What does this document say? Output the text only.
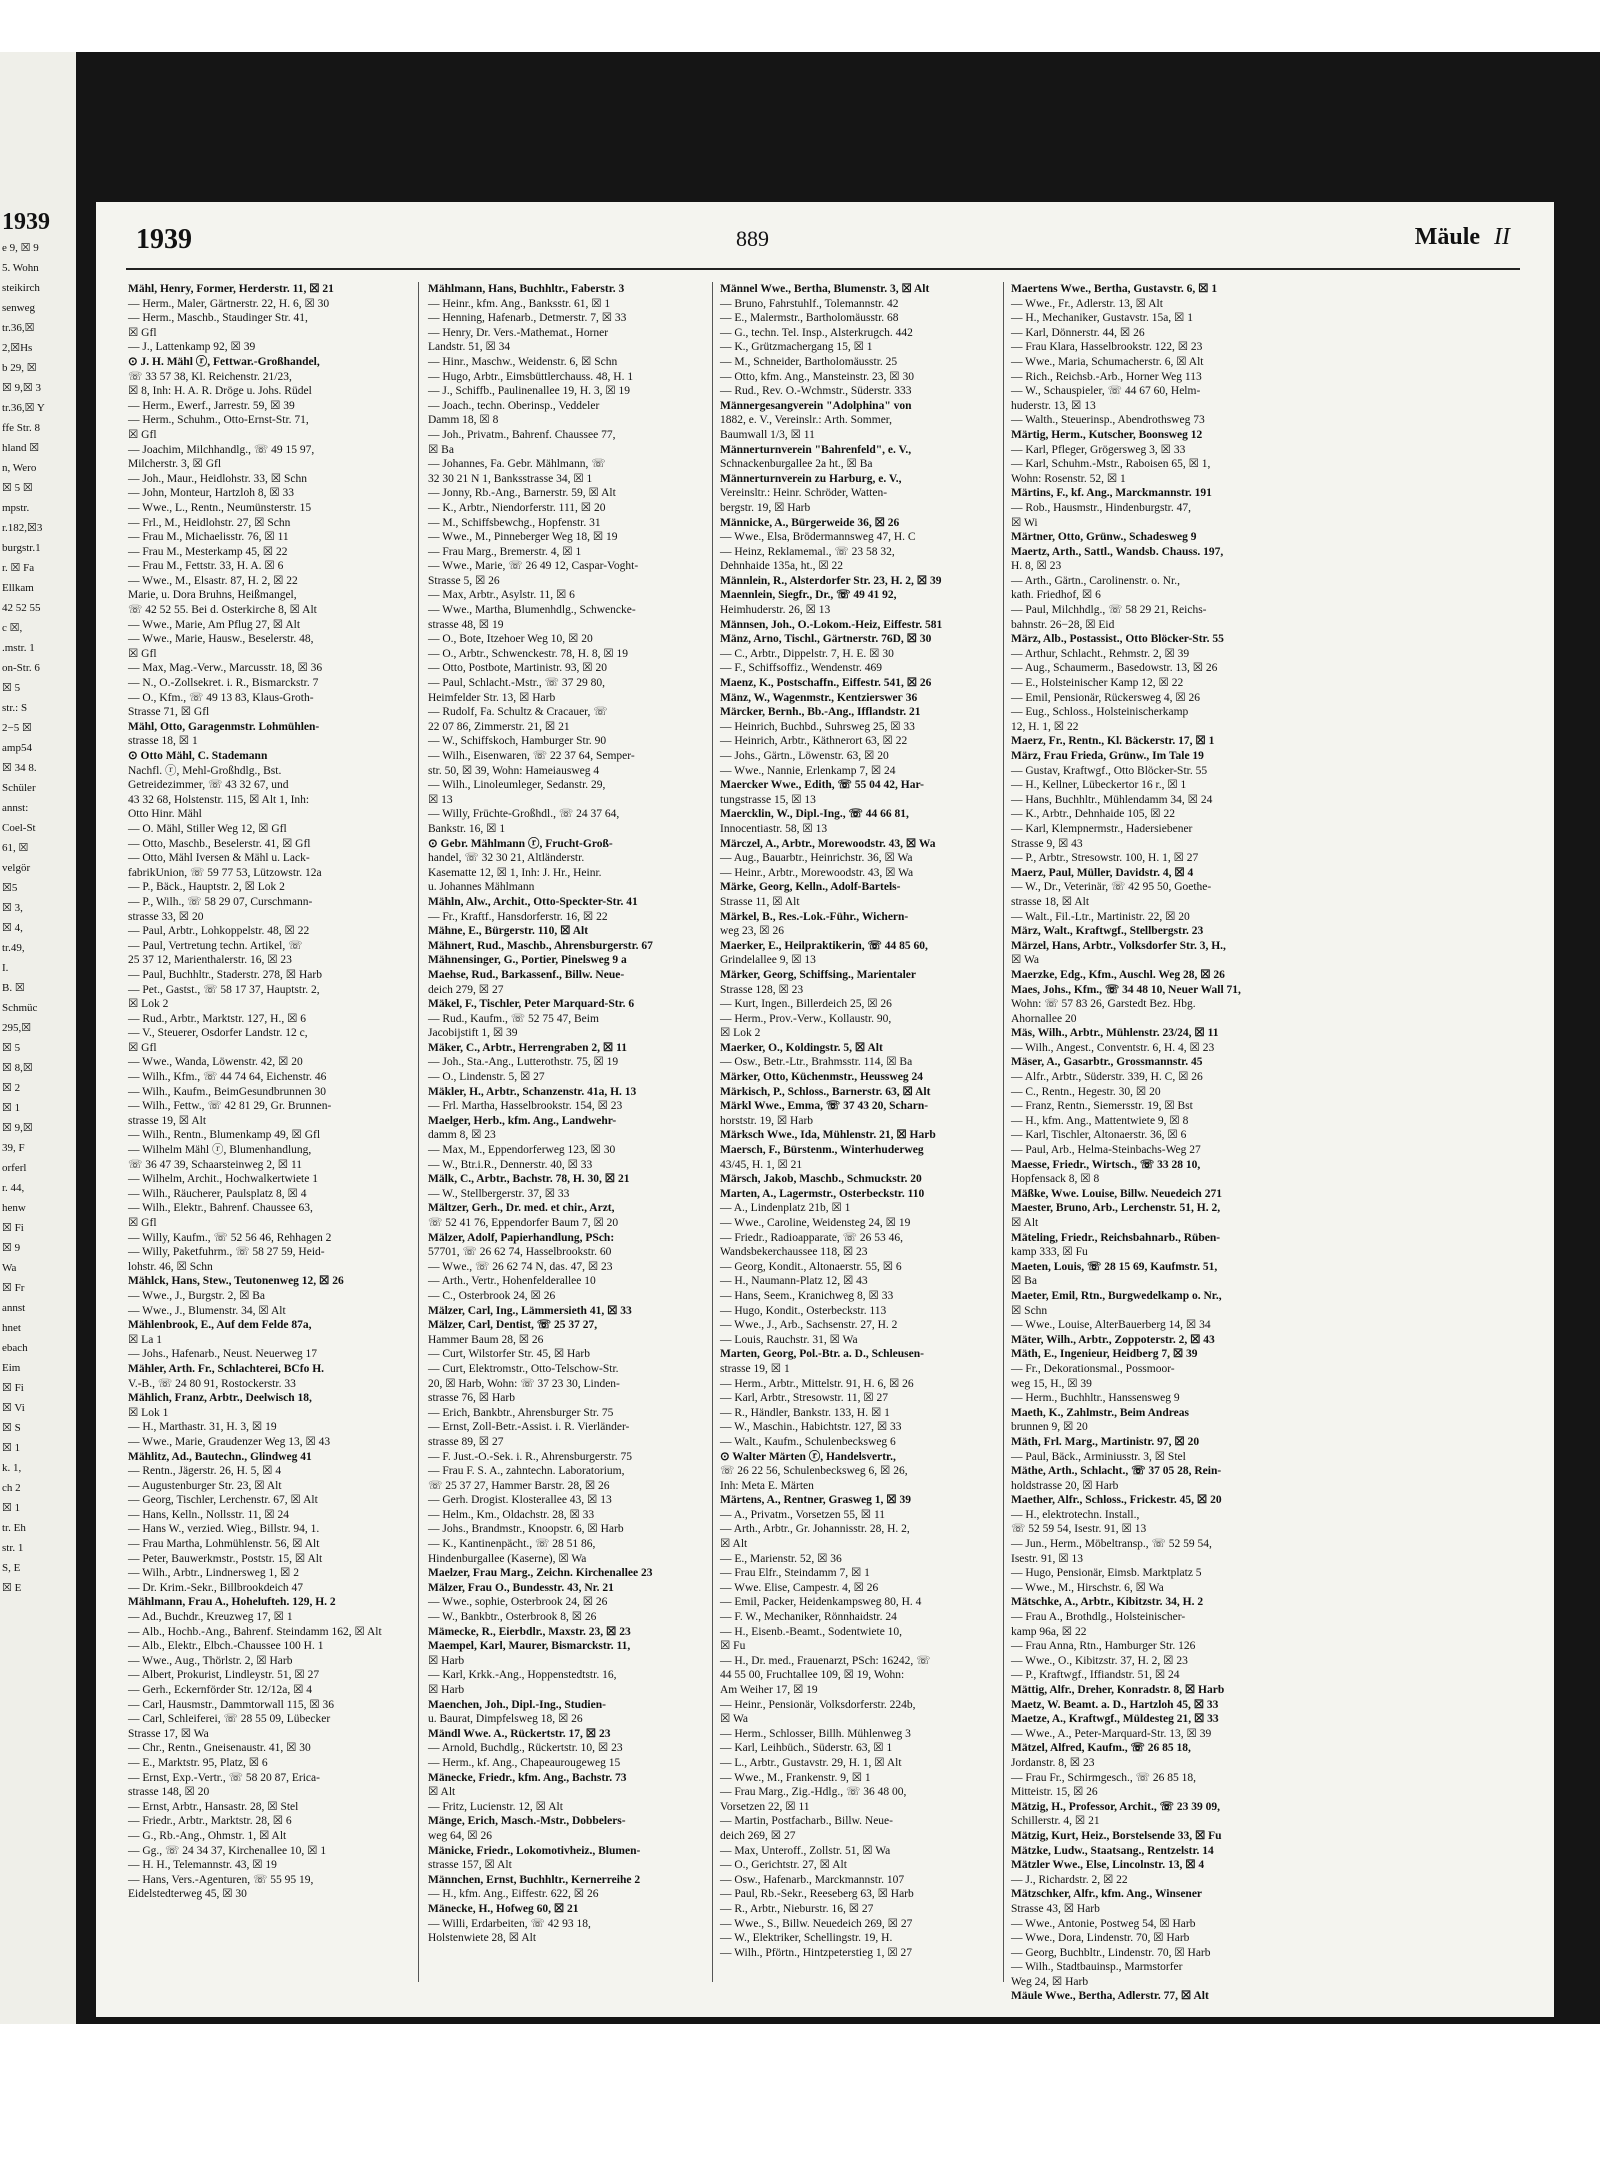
1939
e 9, ☒ 9
5. Wohn
steikirch
senweg
tr.36,☒
2,☒Hs
b 29, ☒
☒ 9,☒ 3
tr.36,☒ Y
ffe Str. 8
hland ☒
n, Wero
☒ 5 ☒
mpstr.
r.182,☒3
burgstr.1
r. ☒ Fa
Ellkam
42 52 55
c ☒,
.mstr. 1
on-Str. 6
☒ 5
str.: S
2−5 ☒
amp54
☒ 34 8.
Schüler
annst:
Coel-St
61, ☒
velgör
☒5
☒ 3,
☒ 4,
tr.49,
I.
B. ☒
Schmüc
295,☒
☒ 5
☒ 8,☒
☒ 2
☒ 1
☒ 9,☒
39, F
orferl
r. 44,
henw
☒ Fi
☒ 9
Wa
☒ Fr
annst
hnet
ebach
Eim
☒ Fi
☒ Vi
☒ S
☒ 1
k. 1,
ch 2
☒ 1
tr. Eh
str. 1
S, E
☒ E
1939	889	Mäule II
Mähl, Henry, Former, Herderstr. 11, ☒ 21
— Herm., Maler, Gärtnerstr. 22, H. 6, ☒ 30
— Herm., Maschb., Staudinger Str. 41,
☒ Gfl
— J., Lattenkamp 92, ☒ 39
⊙ J. H. Mähl ⓡ, Fettwar.-Großhandel,
☏ 33 57 38, Kl. Reichenstr. 21/23,
☒ 8, Inh: H. A. R. Dröge u. Johs. Rüdel
— Herm., Ewerf., Jarrestr. 59, ☒ 39
— Herm., Schuhm., Otto-Ernst-Str. 71,
☒ Gfl
— Joachim, Milchhandlg., ☏ 49 15 97,
Milcherstr. 3, ☒ Gfl
— Joh., Maur., Heidlohstr. 33, ☒ Schn
— John, Monteur, Hartzloh 8, ☒ 33
— Wwe., L., Rentn., Neumünsterstr. 15
— Frl., M., Heidlohstr. 27, ☒ Schn
— Frau M., Michaelisstr. 76, ☒ 11
— Frau M., Mesterkamp 45, ☒ 22
— Frau M., Fettstr. 33, H. A. ☒ 6
— Wwe., M., Elsastr. 87, H. 2, ☒ 22
Marie, u. Dora Bruhns, Heißmangel,
☏ 42 52 55. Bei d. Osterkirche 8, ☒ Alt
— Wwe., Marie, Am Pflug 27, ☒ Alt
— Wwe., Marie, Hausw., Beselerstr. 48,
☒ Gfl
— Max, Mag.-Verw., Marcusstr. 18, ☒ 36
— N., O.-Zollsekret. i. R., Bismarckstr. 7
— O., Kfm., ☏ 49 13 83, Klaus-Groth-
Strasse 71, ☒ Gfl
Mähl, Otto, Garagenmstr. Lohmühlen-
strasse 18, ☒ 1
⊙ Otto Mähl, C. Stademann
Nachfl. ⓡ, Mehl-Großhdlg., Bst.
Getreidezimmer, ☏ 43 32 67, und
43 32 68, Holstenstr. 115, ☒ Alt 1, Inh:
Otto Hinr. Mähl
— O. Mähl, Stiller Weg 12, ☒ Gfl
— Otto, Maschb., Beselerstr. 41, ☒ Gfl
— Otto, Mähl Iversen & Mähl u. Lack-
fabrikUnion, ☏ 59 77 53, Lützowstr. 12a
— P., Bäck., Hauptstr. 2, ☒ Lok 2
— P., Wilh., ☏ 58 29 07, Curschmann-
strasse 33, ☒ 20
— Paul, Arbtr., Lohkoppelstr. 48, ☒ 22
— Paul, Vertretung techn. Artikel, ☏
25 37 12, Marienthalerstr. 16, ☒ 23
— Paul, Buchhltr., Staderstr. 278, ☒ Harb
— Pet., Gastst., ☏ 58 17 37, Hauptstr. 2,
☒ Lok 2
— Rud., Arbtr., Marktstr. 127, H., ☒ 6
— V., Steuerer, Osdorfer Landstr. 12 c,
☒ Gfl
— Wwe., Wanda, Löwenstr. 42, ☒ 20
— Wilh., Kfm., ☏ 44 74 64, Eichenstr. 46
— Wilh., Kaufm., BeimGesundbrunnen 30
— Wilh., Fettw., ☏ 42 81 29, Gr. Brunnen-
strasse 19, ☒ Alt
— Wilh., Rentn., Blumenkamp 49, ☒ Gfl
— Wilhelm Mähl ⓡ, Blumenhandlung,
☏ 36 47 39, Schaarsteinweg 2, ☒ 11
— Wilhelm, Archit., Hochwalkertwiete 1
— Wilh., Räucherer, Paulsplatz 8, ☒ 4
— Wilh., Elektr., Bahrenf. Chaussee 63,
☒ Gfl
— Willy, Kaufm., ☏ 52 56 46, Rehhagen 2
— Willy, Paketfuhrm., ☏ 58 27 59, Heid-
lohstr. 46, ☒ Schn
Mählck, Hans, Stew., Teutonenweg 12, ☒ 26
— Wwe., J., Burgstr. 2, ☒ Ba
— Wwe., J., Blumenstr. 34, ☒ Alt
Mählenbrook, E., Auf dem Felde 87a,
☒ La 1
— Johs., Hafenarb., Neust. Neuerweg 17
Mähler, Arth. Fr., Schlachterei, BCfo H.
V.-B., ☏ 24 80 91, Rostockerstr. 33
Mählich, Franz, Arbtr., Deelwisch 18,
☒ Lok 1
— H., Marthastr. 31, H. 3, ☒ 19
— Wwe., Marie, Graudenzer Weg 13, ☒ 43
Mählitz, Ad., Bautechn., Glindweg 41
— Rentn., Jägerstr. 26, H. 5, ☒ 4
— Augustenburger Str. 23, ☒ Alt
— Georg, Tischler, Lerchenstr. 67, ☒ Alt
— Hans, Kelln., Nollsstr. 11, ☒ 24
— Hans W., verzied. Wieg., Billstr. 94, 1.
— Frau Martha, Lohmühlenstr. 56, ☒ Alt
— Peter, Bauwerkmstr., Poststr. 15, ☒ Alt
— Wilh., Arbtr., Lindnersweg 1, ☒ 2
— Dr. Krim.-Sekr., Billbrookdeich 47
Mählmann, Frau A., Hohelufteh. 129, H. 2
— Ad., Buchdr., Kreuzweg 17, ☒ 1
— Alb., Hochb.-Ang., Bahrenf. Steindamm 162, ☒ Alt
— Alb., Elektr., Elbch.-Chaussee 100 H. 1
— Wwe., Aug., Thörlstr. 2, ☒ Harb
— Albert, Prokurist, Lindleystr. 51, ☒ 27
— Gerh., Eckernförder Str. 12/12a, ☒ 4
— Carl, Hausmstr., Dammtorwall 115, ☒ 36
— Carl, Schleiferei, ☏ 28 55 09, Lübecker
Strasse 17, ☒ Wa
— Chr., Rentn., Gneisenaustr. 41, ☒ 30
— E., Marktstr. 95, Platz, ☒ 6
— Ernst, Exp.-Vertr., ☏ 58 20 87, Erica-
strasse 148, ☒ 20
— Ernst, Arbtr., Hansastr. 28, ☒ Stel
— Friedr., Arbtr., Marktstr. 28, ☒ 6
— G., Rb.-Ang., Ohmstr. 1, ☒ Alt
— Gg., ☏ 24 34 37, Kirchenallee 10, ☒ 1
— H. H., Telemannstr. 43, ☒ 19
— Hans, Vers.-Agenturen, ☏ 55 95 19,
Eidelstedterweg 45, ☒ 30
Mählmann, Hans, Buchhltr., Faberstr. 3
— Heinr., kfm. Ang., Banksstr. 61, ☒ 1
— Henning, Hafenarb., Detmerstr. 7, ☒ 33
— Henry, Dr. Vers.-Mathemat., Horner
Landstr. 51, ☒ 34
— Hinr., Maschw., Weidenstr. 6, ☒ Schn
— Hugo, Arbtr., Eimsbüttlerchauss. 48, H. 1
— J., Schiffb., Paulinenallee 19, H. 3, ☒ 19
— Joach., techn. Oberinsp., Veddeler
Damm 18, ☒ 8
— Joh., Privatm., Bahrenf. Chaussee 77,
☒ Ba
— Johannes, Fa. Gebr. Mählmann, ☏
32 30 21 N 1, Banksstrasse 34, ☒ 1
— Jonny, Rb.-Ang., Barnerstr. 59, ☒ Alt
— K., Arbtr., Niendorferstr. 111, ☒ 20
— M., Schiffsbewchg., Hopfenstr. 31
— Wwe., M., Pinneberger Weg 18, ☒ 19
— Frau Marg., Bremerstr. 4, ☒ 1
— Wwe., Marie, ☏ 26 49 12, Caspar-Voght-
Strasse 5, ☒ 26
— Max, Arbtr., Asylstr. 11, ☒ 6
— Wwe., Martha, Blumenhdlg., Schwencke-
strasse 48, ☒ 19
— O., Bote, Itzehoer Weg 10, ☒ 20
— O., Arbtr., Schwenckestr. 78, H. 8, ☒ 19
— Otto, Postbote, Martinistr. 93, ☒ 20
— Paul, Schlacht.-Mstr., ☏ 37 29 80,
Heimfelder Str. 13, ☒ Harb
— Rudolf, Fa. Schultz & Cracauer, ☏
22 07 86, Zimmerstr. 21, ☒ 21
— W., Schiffskoch, Hamburger Str. 90
— Wilh., Eisenwaren, ☏ 22 37 64, Semper-
str. 50, ☒ 39, Wohn: Hameiausweg 4
— Wilh., Linoleumleger, Sedanstr. 29,
☒ 13
— Willy, Früchte-Großhdl., ☏ 24 37 64,
Bankstr. 16, ☒ 1
⊙ Gebr. Mählmann ⓡ, Frucht-Groß-
handel, ☏ 32 30 21, Altländerstr.
Kasematte 12, ☒ 1, Inh: J. Hr., Heinr.
u. Johannes Mählmann
Mähln, Alw., Archit., Otto-Speckter-Str. 41
— Fr., Kraftf., Hansdorferstr. 16, ☒ 22
Mähne, E., Bürgerstr. 110, ☒ Alt
Mähnert, Rud., Maschb., Ahrensburgerstr. 67
Mähnensinger, G., Portier, Pinelsweg 9 a
Maehse, Rud., Barkassenf., Billw. Neue-
deich 279, ☒ 27
Mäkel, F., Tischler, Peter Marquard-Str. 6
— Rud., Kaufm., ☏ 52 75 47, Beim
Jacobijstift 1, ☒ 39
Mäker, C., Arbtr., Herrengraben 2, ☒ 11
— Joh., Sta.-Ang., Lutterothstr. 75, ☒ 19
— O., Lindenstr. 5, ☒ 27
Mäkler, H., Arbtr., Schanzenstr. 41a, H. 13
— Frl. Martha, Hasselbrookstr. 154, ☒ 23
Maelger, Herb., kfm. Ang., Landwehr-
damm 8, ☒ 23
— Max, M., Eppendorferweg 123, ☒ 30
— W., Btr.i.R., Dennerstr. 40, ☒ 33
Mälk, C., Arbtr., Bachstr. 78, H. 30, ☒ 21
— W., Stellbergerstr. 37, ☒ 33
Mältzer, Gerh., Dr. med. et chir., Arzt,
☏ 52 41 76, Eppendorfer Baum 7, ☒ 20
Mälzer, Adolf, Papierhandlung, PSch:
57701, ☏ 26 62 74, Hasselbrookstr. 60
— Wwe., ☏ 26 62 74 N, das. 47, ☒ 23
— Arth., Vertr., Hohenfelderallee 10
— C., Osterbrook 24, ☒ 26
Mälzer, Carl, Ing., Lämmersieth 41, ☒ 33
Mälzer, Carl, Dentist, ☏ 25 37 27,
Hammer Baum 28, ☒ 26
— Curt, Wilstorfer Str. 45, ☒ Harb
— Curt, Elektromstr., Otto-Telschow-Str.
20, ☒ Harb, Wohn: ☏ 37 23 30, Linden-
strasse 76, ☒ Harb
— Erich, Bankbtr., Ahrensburger Str. 75
— Ernst, Zoll-Betr.-Assist. i. R. Vierländer-
strasse 89, ☒ 27
— F. Just.-O.-Sek. i. R., Ahrensburgerstr. 75
— Frau F. S. A., zahntechn. Laboratorium,
☏ 25 37 27, Hammer Barstr. 28, ☒ 26
— Gerh. Drogist. Klosterallee 43, ☒ 13
— Helm., Km., Oldachstr. 28, ☒ 33
— Johs., Brandmstr., Knoopstr. 6, ☒ Harb
— K., Kantinenpächt., ☏ 28 51 86,
Hindenburgallee (Kaserne), ☒ Wa
Maelzer, Frau Marg., Zeichn. Kirchenallee 23
Mälzer, Frau O., Bundesstr. 43, Nr. 21
— Wwe., sophie, Osterbrook 24, ☒ 26
— W., Bankbtr., Osterbrook 8, ☒ 26
Mämecke, R., Eierbdlr., Maxstr. 23, ☒ 23
Maempel, Karl, Maurer, Bismarckstr. 11,
☒ Harb
— Karl, Krkk.-Ang., Hoppenstedtstr. 16,
☒ Harb
Maenchen, Joh., Dipl.-Ing., Studien-
u. Baurat, Dimpfelsweg 18, ☒ 26
Mändl Wwe. A., Rückertstr. 17, ☒ 23
— Arnold, Buchdlg., Rückertstr. 10, ☒ 23
— Herm., kf. Ang., Chapeaurougeweg 15
Mänecke, Friedr., kfm. Ang., Bachstr. 73
☒ Alt
— Fritz, Lucienstr. 12, ☒ Alt
Mänge, Erich, Masch.-Mstr., Dobbelers-
weg 64, ☒ 26
Mänicke, Friedr., Lokomotivheiz., Blumen-
strasse 157, ☒ Alt
Männchen, Ernst, Buchhltr., Kernerreihe 2
— H., kfm. Ang., Eiffestr. 622, ☒ 26
Mänecke, H., Hofweg 60, ☒ 21
— Willi, Erdarbeiten, ☏ 42 93 18,
Holstenwiete 28, ☒ Alt
Männel Wwe., Bertha, Blumenstr. 3, ☒ Alt
— Bruno, Fahrstuhlf., Tolemannstr. 42
— E., Malermstr., Bartholomäusstr. 68
— G., techn. Tel. Insp., Alsterkrugch. 442
— K., Grützmachergang 15, ☒ 1
— M., Schneider, Bartholomäusstr. 25
— Otto, kfm. Ang., Mansteinstr. 23, ☒ 30
— Rud., Rev. O.-Wchmstr., Süderstr. 333
Männergesangverein "Adolphina" von
1882, e. V., Vereinslr.: Arth. Sommer,
Baumwall 1/3, ☒ 11
Männerturnverein "Bahrenfeld", e. V.,
Schnackenburgallee 2a ht., ☒ Ba
Männerturnverein zu Harburg, e. V.,
Vereinsltr.: Heinr. Schröder, Watten-
bergstr. 19, ☒ Harb
Männicke, A., Bürgerweide 36, ☒ 26
— Wwe., Elsa, Brödermannsweg 47, H. C
— Heinz, Reklamemal., ☏ 23 58 32,
Dehnhaide 135a, ht., ☒ 22
Männlein, R., Alsterdorfer Str. 23, H. 2, ☒ 39
Maennlein, Siegfr., Dr., ☏ 49 41 92,
Heimhuderstr. 26, ☒ 13
Männsen, Joh., O.-Lokom.-Heiz, Eiffestr. 581
Mänz, Arno, Tischl., Gärtnerstr. 76D, ☒ 30
— C., Arbtr., Dippelstr. 7, H. E. ☒ 30
— F., Schiffsoffiz., Wendenstr. 469
Maenz, K., Postschaffn., Eiffestr. 541, ☒ 26
Mänz, W., Wagenmstr., Kentzierswег 36
Märcker, Bernh., Bb.-Ang., Ifflandstr. 21
— Heinrich, Buchbd., Suhrsweg 25, ☒ 33
— Heinrich, Arbtr., Käthnerort 63, ☒ 22
— Johs., Gärtn., Löwenstr. 63, ☒ 20
— Wwe., Nannie, Erlenkamp 7, ☒ 24
Maercker Wwe., Edith, ☏ 55 04 42, Har-
tungstrasse 15, ☒ 13
Maercklin, W., Dipl.-Ing., ☏ 44 66 81,
Innocentiastr. 58, ☒ 13
Märczel, A., Arbtr., Morewoodstr. 43, ☒ Wa
— Aug., Bauarbtr., Heinrichstr. 36, ☒ Wa
— Heinr., Arbtr., Morewoodstr. 43, ☒ Wa
Märke, Georg, Kelln., Adolf-Bartels-
Strasse 11, ☒ Alt
Märkel, B., Res.-Lok.-Führ., Wichern-
weg 23, ☒ 26
Maerker, E., Heilpraktikerin, ☏ 44 85 60,
Grindelallee 9, ☒ 13
Märker, Georg, Schiffsing., Marientaler
Strasse 128, ☒ 23
— Kurt, Ingen., Billerdeich 25, ☒ 26
— Herm., Prov.-Verw., Kollaustr. 90,
☒ Lok 2
Maerker, O., Koldingstr. 5, ☒ Alt
— Osw., Betr.-Ltr., Brahmsstr. 114, ☒ Ba
Märker, Otto, Küchenmstr., Heussweg 24
Märkisch, P., Schloss., Barnerstr. 63, ☒ Alt
Märkl Wwe., Emma, ☏ 37 43 20, Scharn-
horststr. 19, ☒ Harb
Märksch Wwe., Ida, Mühlenstr. 21, ☒ Harb
Maersch, F., Bürstenm., Winterhuderweg
43/45, H. 1, ☒ 21
Märsch, Jakob, Maschb., Schmuckstr. 20
Marten, A., Lagermstr., Osterbeckstr. 110
— A., Lindenplatz 21b, ☒ 1
— Wwe., Caroline, Weidensteg 24, ☒ 19
— Friedr., Radioapparate, ☏ 26 53 46,
Wandsbekerchaussee 118, ☒ 23
— Georg, Kondit., Altonaerstr. 55, ☒ 6
— H., Naumann-Platz 12, ☒ 43
— Hans, Seem., Kranichweg 8, ☒ 33
— Hugo, Kondit., Osterbeckstr. 113
— Wwe., J., Arb., Sachsenstr. 27, H. 2
— Louis, Rauchstr. 31, ☒ Wa
Marten, Georg, Pol.-Btr. a. D., Schleusen-
strasse 19, ☒ 1
— Herm., Arbtr., Mittelstr. 91, H. 6, ☒ 26
— Karl, Arbtr., Stresowstr. 11, ☒ 27
— R., Händler, Bankstr. 133, H. ☒ 1
— W., Maschin., Habichtstr. 127, ☒ 33
— Walt., Kaufm., Schulenbecksweg 6
⊙ Walter Märten ⓡ, Handelsvertr.,
☏ 26 22 56, Schulenbecksweg 6, ☒ 26,
Inh: Meta E. Märten
Märtens, A., Rentner, Grasweg 1, ☒ 39
— A., Privatm., Vorsetzen 55, ☒ 11
— Arth., Arbtr., Gr. Johannisstr. 28, H. 2,
☒ Alt
— E., Marienstr. 52, ☒ 36
— Frau Elfr., Steindamm 7, ☒ 1
— Wwe. Elise, Campestr. 4, ☒ 26
— Emil, Packer, Heidenkampsweg 80, H. 4
— F. W., Mechaniker, Rönnhaidstr. 24
— H., Eisenb.-Beamt., Sodentwiete 10,
☒ Fu
— H., Dr. med., Frauenarzt, PSch: 16242, ☏
44 55 00, Fruchtallee 109, ☒ 19, Wohn:
Am Weiher 17, ☒ 19
— Heinr., Pensionär, Volksdorferstr. 224b,
☒ Wa
— Herm., Schlosser, Billh. Mühlenweg 3
— Karl, Leihbüch., Süderstr. 63, ☒ 1
— L., Arbtr., Gustavstr. 29, H. 1, ☒ Alt
— Wwe., M., Frankenstr. 9, ☒ 1
— Frau Marg., Zig.-Hdlg., ☏ 36 48 00,
Vorsetzen 22, ☒ 11
— Martin, Postfacharb., Billw. Neue-
deich 269, ☒ 27
— Max, Unteroff., Zollstr. 51, ☒ Wa
— O., Gerichtstr. 27, ☒ Alt
— Osw., Hafenarb., Marckmannstr. 107
— Paul, Rb.-Sekr., Reeseberg 63, ☒ Harb
— R., Arbtr., Nieburstr. 16, ☒ 27
— Wwe., S., Billw. Neuedeich 269, ☒ 27
— W., Elektriker, Schellingstr. 19, H.
— Wilh., Pförtn., Hintzpeterstieg 1, ☒ 27
Maertens Wwe., Bertha, Gustavstr. 6, ☒ 1
— Wwe., Fr., Adlerstr. 13, ☒ Alt
— H., Mechaniker, Gustavstr. 15a, ☒ 1
— Karl, Dönnerstr. 44, ☒ 26
— Frau Klara, Hasselbrookstr. 122, ☒ 23
— Wwe., Maria, Schumacherstr. 6, ☒ Alt
— Rich., Reichsb.-Arb., Horner Weg 113
— W., Schauspieler, ☏ 44 67 60, Helm-
huderstr. 13, ☒ 13
— Walth., Steuerinsp., Abendrothsweg 73
Märtig, Herm., Kutscher, Boonsweg 12
— Karl, Pfleger, Grögersweg 3, ☒ 33
— Karl, Schuhm.-Mstr., Raboisen 65, ☒ 1,
Wohn: Rosenstr. 52, ☒ 1
Märtins, F., kf. Ang., Marckmannstr. 191
— Rob., Hausmstr., Hindenburgstr. 47,
☒ Wi
Märtner, Otto, Grünw., Schadesweg 9
Maertz, Arth., Sattl., Wandsb. Chauss. 197,
H. 8, ☒ 23
— Arth., Gärtn., Carolinenstr. o. Nr.,
kath. Friedhof, ☒ 6
— Paul, Milchhdlg., ☏ 58 29 21, Reichs-
bahnstr. 26−28, ☒ Eid
März, Alb., Postassist., Otto Blöcker-Str. 55
— Arthur, Schlacht., Rehmstr. 2, ☒ 39
— Aug., Schaumerm., Basedowstr. 13, ☒ 26
— E., Holsteinischer Kamp 12, ☒ 22
— Emil, Pensionär, Rückersweg 4, ☒ 26
— Eug., Schloss., Holsteinischerkamp
12, H. 1, ☒ 22
Maerz, Fr., Rentn., Kl. Bäckerstr. 17, ☒ 1
März, Frau Frieda, Grünw., Im Tale 19
— Gustav, Kraftwgf., Otto Blöcker-Str. 55
— H., Kellner, Lübeckertor 16 r., ☒ 1
— Hans, Buchhltr., Mühlendamm 34, ☒ 24
— K., Arbtr., Dehnhaide 105, ☒ 22
— Karl, Klempnermstr., Hadersiebener
Strasse 9, ☒ 43
— P., Arbtr., Stresowstr. 100, H. 1, ☒ 27
Maerz, Paul, Müller, Davidstr. 4, ☒ 4
— W., Dr., Veterinär, ☏ 42 95 50, Goethe-
strasse 18, ☒ Alt
— Walt., Fil.-Ltr., Martinistr. 22, ☒ 20
März, Walt., Kraftwgf., Stellbergstr. 23
Märzel, Hans, Arbtr., Volksdorfer Str. 3, H.,
☒ Wa
Maerzke, Edg., Kfm., Auschl. Weg 28, ☒ 26
Maes, Johs., Kfm., ☏ 34 48 10, Neuer Wall 71,
Wohn: ☏ 57 83 26, Garstedt Bez. Hbg.
Ahornallee 20
Mäs, Wilh., Arbtr., Mühlenstr. 23/24, ☒ 11
— Wilh., Angest., Conventstr. 6, H. 4, ☒ 23
Mäser, A., Gasarbtr., Grossmannstr. 45
— Alfr., Arbtr., Süderstr. 339, H. C, ☒ 26
— C., Rentn., Hegestr. 30, ☒ 20
— Franz, Rentn., Siemersstr. 19, ☒ Bst
— H., kfm. Ang., Mattentwiete 9, ☒ 8
— Karl, Tischler, Altonaerstr. 36, ☒ 6
— Paul, Arb., Helma-Steinbachs-Weg 27
Maesse, Friedr., Wirtsch., ☏ 33 28 10,
Hopfensack 8, ☒ 8
Mäßke, Wwe. Louise, Billw. Neuedeich 271
Maester, Bruno, Arb., Lerchenstr. 51, H. 2,
☒ Alt
Mäteling, Friedr., Reichsbahnarb., Rüben-
kamp 333, ☒ Fu
Maeten, Louis, ☏ 28 15 69, Kaufmstr. 51,
☒ Ba
Maeter, Emil, Rtn., Burgwedelkamp o. Nr.,
☒ Schn
— Wwe., Louise, AlterBauerberg 14, ☒ 34
Mäter, Wilh., Arbtr., Zoppoterstr. 2, ☒ 43
Mäth, E., Ingenieur, Heidberg 7, ☒ 39
— Fr., Dekorationsmal., Possmoor-
weg 15, H., ☒ 39
— Herm., Buchhltr., Hanssensweg 9
Maeth, K., Zahlmstr., Beim Andreas
brunnen 9, ☒ 20
Mäth, Frl. Marg., Martinistr. 97, ☒ 20
— Paul, Bäck., Arminiusstr. 3, ☒ Stel
Mäthe, Arth., Schlacht., ☏ 37 05 28, Rein-
holdstrasse 20, ☒ Harb
Maether, Alfr., Schloss., Frickestr. 45, ☒ 20
— H., elektrotechn. Install.,
☏ 52 59 54, Isestr. 91, ☒ 13
— Jun., Herm., Möbeltransp., ☏ 52 59 54,
Isestr. 91, ☒ 13
— Hugo, Pensionär, Eimsb. Marktplatz 5
— Wwe., M., Hirschstr. 6, ☒ Wa
Mätschke, A., Arbtr., Kibitzstr. 34, H. 2
— Frau A., Brothdlg., Holsteinischer-
kamp 96a, ☒ 22
— Frau Anna, Rtn., Hamburger Str. 126
— Wwe., O., Kibitzstr. 37, H. 2, ☒ 23
— P., Kraftwgf., Iffiandstr. 51, ☒ 24
Mättig, Alfr., Dreher, Konradstr. 8, ☒ Harb
Maetz, W. Beamt. a. D., Hartzloh 45, ☒ 33
Maetze, A., Kraftwgf., Müldesteg 21, ☒ 33
— Wwe., A., Peter-Marquard-Str. 13, ☒ 39
Mätzel, Alfred, Kaufm., ☏ 26 85 18,
Jordanstr. 8, ☒ 23
— Frau Fr., Schirmgesch., ☏ 26 85 18,
Mitteistr. 15, ☒ 26
Mätzig, H., Professor, Archit., ☏ 23 39 09,
Schillerstr. 4, ☒ 21
Mätzig, Kurt, Heiz., Borstelsende 33, ☒ Fu
Mätzke, Ludw., Staatsang., Rentzelstr. 14
Mätzler Wwe., Else, Lincolnstr. 13, ☒ 4
— J., Richardstr. 2, ☒ 22
Mätzschker, Alfr., kfm. Ang., Winsener
Strasse 43, ☒ Harb
— Wwe., Antonie, Postweg 54, ☒ Harb
— Wwe., Dora, Lindenstr. 70, ☒ Harb
— Georg, Buchbltr., Lindenstr. 70, ☒ Harb
— Wilh., Stadtbauinsp., Marmstorfer
Weg 24, ☒ Harb
Mäule Wwe., Bertha, Adlerstr. 77, ☒ Alt
